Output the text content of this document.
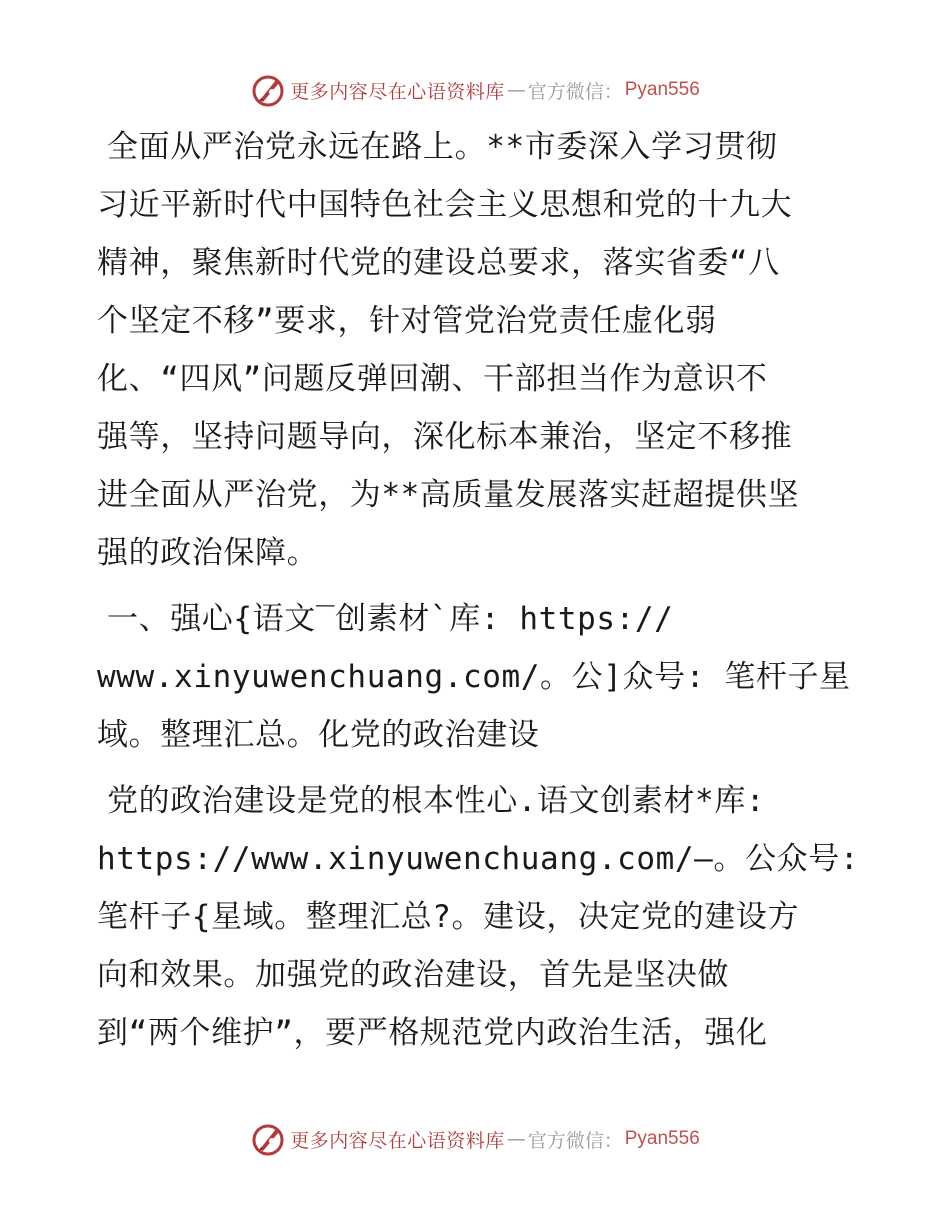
更多内容尽在心语资料库 — 官方微信： Pyan556
全面从严治党永远在路上。**市委深入学习贯彻
习近平新时代中国特色社会主义思想和党的十九大
精神，聚焦新时代党的建设总要求，落实省委“八
个坚定不移”要求，针对管党治党责任虚化弱
化、“四风”问题反弹回潮、干部担当作为意识不
强等，坚持问题导向，深化标本兼治，坚定不移推
进全面从严治党，为**高质量发展落实赶超提供坚
强的政治保障。
一、强心{语文‾创素材`库: https://
www.xinyuwenchuang.com/。公]众号: 笔杆子星
域。整理汇总。化党的政治建设
党的政治建设是党的根本性心.语文创素材*库:
https://www.xinyuwenchuang.com/—。公众号:
笔杆子{星域。整理汇总?。建设，决定党的建设方
向和效果。加强党的政治建设，首先是坚决做
到“两个维护”，要严格规范党内政治生活，强化
更多内容尽在心语资料库 — 官方微信： Pyan556
